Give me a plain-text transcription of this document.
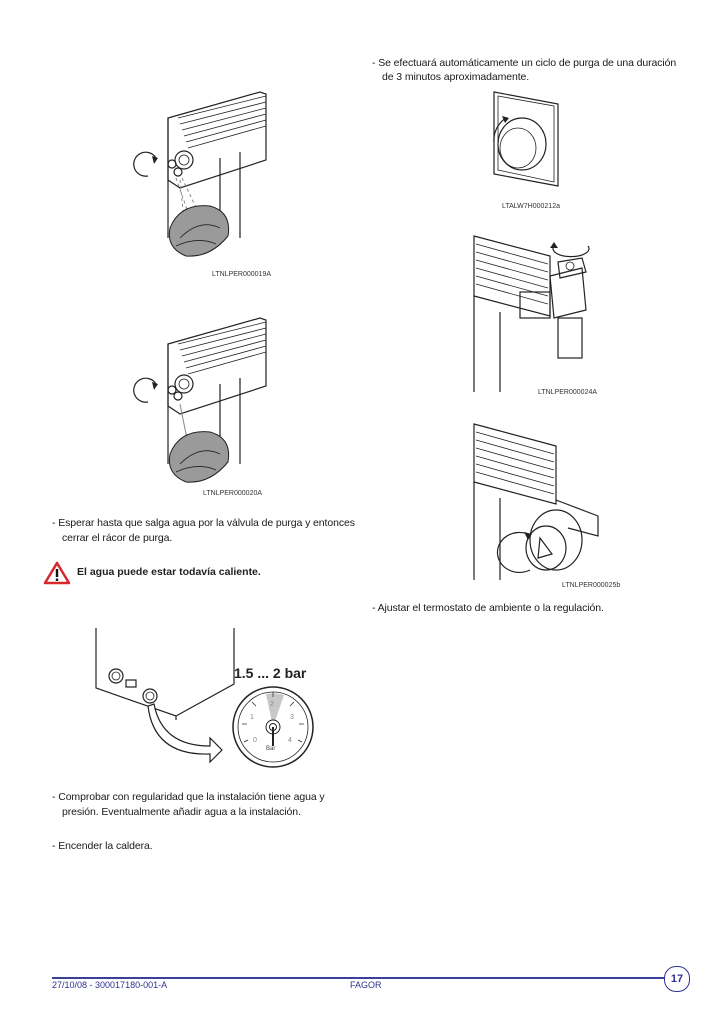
- Se efectuará automáticamente un ciclo de purga de una duración
de 3 minutos aproximadamente.
LTNLPER000019A
LTALW7H000212a
LTNLPER000024A
LTNLPER000020A
LTNLPER000025b
- Esperar hasta que salga agua por la válvula de purga y entonces
cerrar el rácor de purga.
El agua puede estar todavía caliente.
- Ajustar el termostato de ambiente o la regulación.
1.5 ... 2 bar
0
1
2
3
4
Bar
- Comprobar con regularidad que la instalación tiene agua y
presión. Eventualmente añadir agua a la instalación.
- Encender la caldera.
27/10/08 - 300017180-001-A	FAGOR	17
